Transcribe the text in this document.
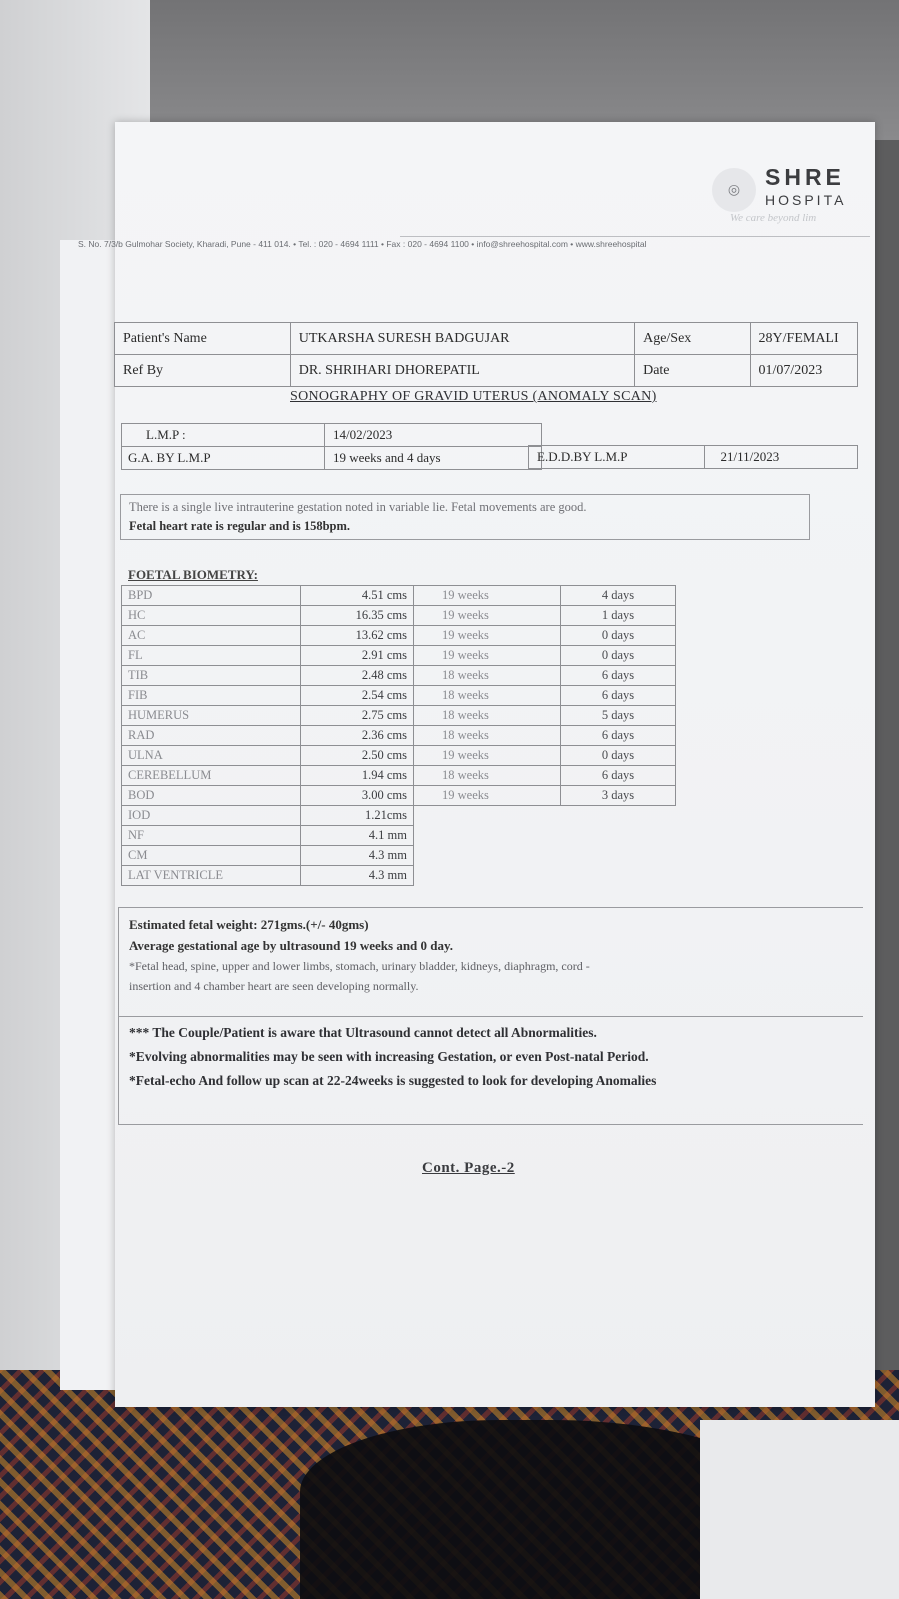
◎	SHRE
HOSPITA
We care beyond lim
S. No. 7/3/b Gulmohar Society, Kharadi, Pune - 411 014. • Tel. : 020 - 4694 1111 • Fax : 020 - 4694 1100 • info@shreehospital.com • www.shreehospital
Patient's Name	UTKARSHA SURESH BADGUJAR	Age/Sex	28Y/FEMALI
Ref By	DR. SHRIHARI DHOREPATIL	Date	01/07/2023
SONOGRAPHY OF GRAVID UTERUS (ANOMALY SCAN)
L.M.P :	14/02/2023
G.A. BY L.M.P	19 weeks and 4 days	E.D.D.BY L.M.P	21/11/2023
There is a single live intrauterine gestation noted in variable lie. Fetal movements are good.
Fetal heart rate is regular and is 158bpm.
FOETAL BIOMETRY:
BPD	4.51 cms	19 weeks	4 days
HC	16.35 cms	19 weeks	1 days
AC	13.62 cms	19 weeks	0 days
FL	2.91 cms	19 weeks	0 days
TIB	2.48 cms	18 weeks	6 days
FIB	2.54 cms	18 weeks	6 days
HUMERUS	2.75 cms	18 weeks	5 days
RAD	2.36 cms	18 weeks	6 days
ULNA	2.50 cms	19 weeks	0 days
CEREBELLUM	1.94 cms	18 weeks	6 days
BOD	3.00 cms	19 weeks	3 days
IOD	1.21cms		
NF	4.1 mm		
CM	4.3 mm		
LAT VENTRICLE	4.3 mm		
Estimated fetal weight: 271gms.(+/- 40gms)
Average gestational age by ultrasound 19 weeks and 0 day.
*Fetal head, spine, upper and lower limbs, stomach, urinary bladder, kidneys, diaphragm, cord -
insertion and 4 chamber heart are seen developing normally.
*** The Couple/Patient is aware that Ultrasound cannot detect all Abnormalities.
*Evolving abnormalities may be seen with increasing Gestation, or even Post-natal Period.
*Fetal-echo And follow up scan at 22-24weeks is suggested to look for developing Anomalies
Cont. Page.-2
